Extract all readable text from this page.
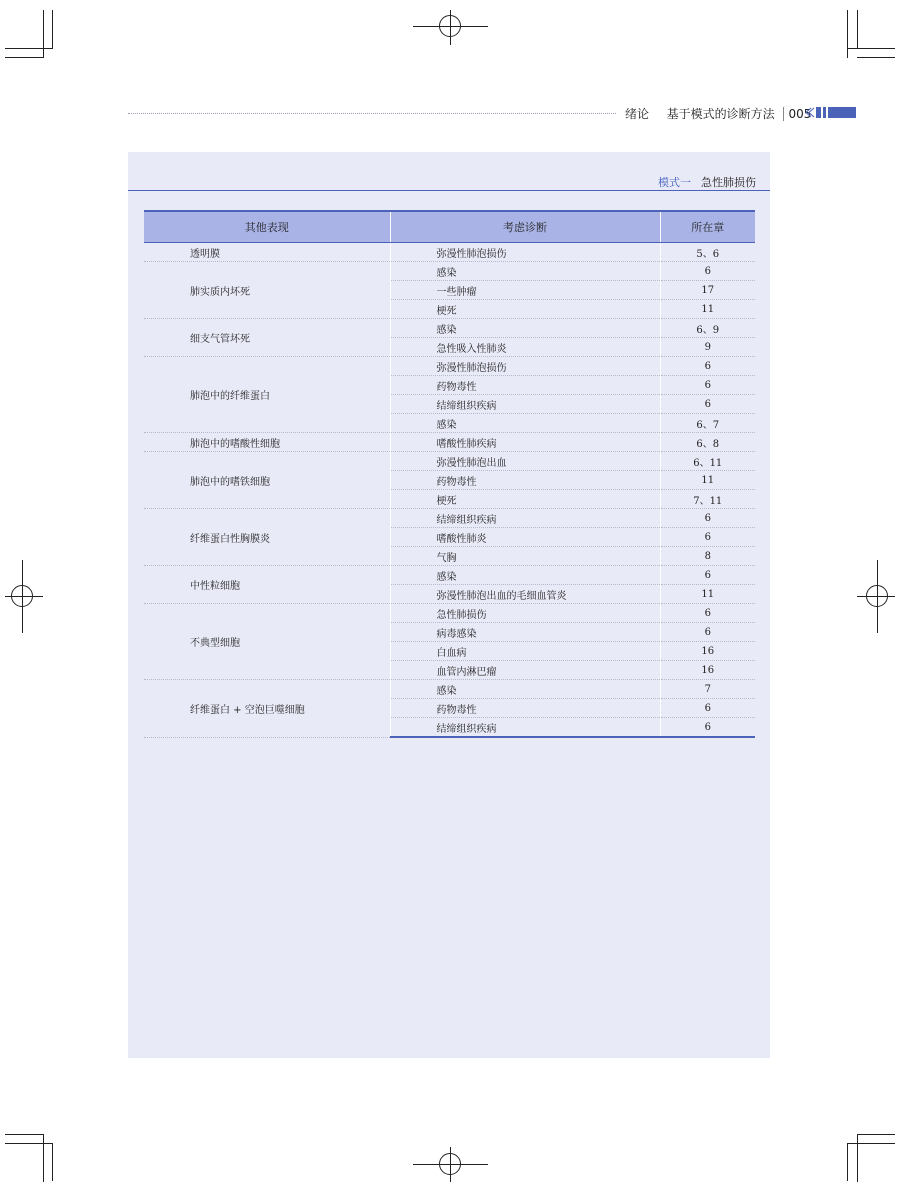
绪论 基于模式的诊断方法 005
模式一 急性肺损伤
其他表现	考虑诊断	所在章
透明膜	弥漫性肺泡损伤	5、6
肺实质内坏死	感染	6
	一些肿瘤	17
	梗死	11
细支气管坏死	感染	6、9
	急性吸入性肺炎	9
肺泡中的纤维蛋白	弥漫性肺泡损伤	6
	药物毒性	6
	结缔组织疾病	6
	感染	6、7
肺泡中的嗜酸性细胞	嗜酸性肺疾病	6、8
肺泡中的嗜铁细胞	弥漫性肺泡出血	6、11
	药物毒性	11
	梗死	7、11
纤维蛋白性胸膜炎	结缔组织疾病	6
	嗜酸性肺炎	6
	气胸	8
中性粒细胞	感染	6
	弥漫性肺泡出血的毛细血管炎	11
不典型细胞	急性肺损伤	6
	病毒感染	6
	白血病	16
	血管内淋巴瘤	16
纤维蛋白 + 空泡巨噬细胞	感染	7
	药物毒性	6
	结缔组织疾病	6
